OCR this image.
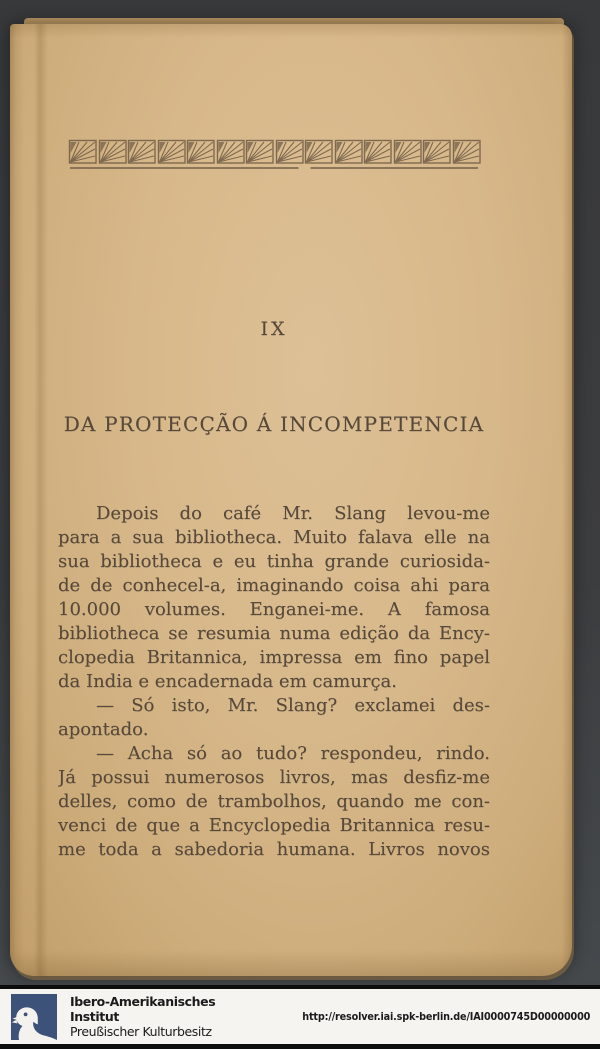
IX
DA PROTECÇÃO Á INCOMPETENCIA
Depois do café Mr. Slang levou-me
para a sua bibliotheca. Muito falava elle na
sua bibliotheca e eu tinha grande curiosida-
de de conhecel-a, imaginando coisa ahi para
10.000 volumes. Enganei-me. A famosa
bibliotheca se resumia numa edição da Ency-
clopedia Britannica, impressa em fino papel
da India e encadernada em camurça.
— Só isto, Mr. Slang? exclamei des-
apontado.
— Acha só ao tudo? respondeu, rindo.
Já possui numerosos livros, mas desfiz-me
delles, como de trambolhos, quando me con-
venci de que a Encyclopedia Britannica resu-
me toda a sabedoria humana. Livros novos
Ibero-Amerikanisches
Institut
Preußischer Kulturbesitz
http://resolver.iai.spk-berlin.de/IAI0000745D00000000
